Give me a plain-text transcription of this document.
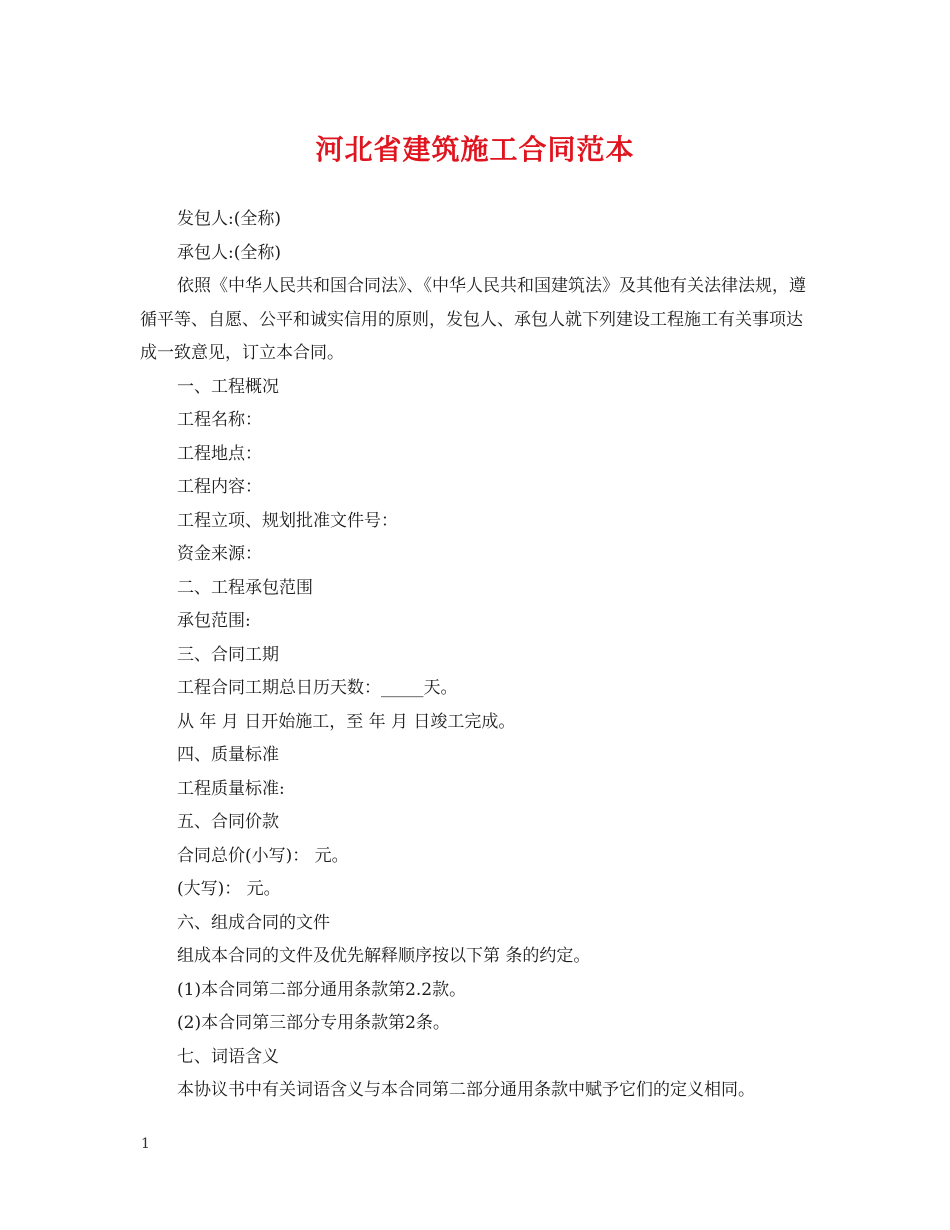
河北省建筑施工合同范本

发包人:(全称)

承包人:(全称)

依照《中华人民共和国合同法》、《中华人民共和国建筑法》及其他有关法律法规，遵循平等、自愿、公平和诚实信用的原则，发包人、承包人就下列建设工程施工有关事项达成一致意见，订立本合同。

一、工程概况

工程名称：

工程地点：

工程内容：

工程立项、规划批准文件号：

资金来源：

二、工程承包范围

承包范围:

三、合同工期

工程合同工期总日历天数：_____天。

从 年 月 日开始施工，至 年 月 日竣工完成。

四、质量标准

工程质量标准:

五、合同价款

合同总价(小写)： 元。

(大写)： 元。

六、组成合同的文件

组成本合同的文件及优先解释顺序按以下第 条的约定。

(1)本合同第二部分通用条款第2.2款。

(2)本合同第三部分专用条款第2条。

七、词语含义

本协议书中有关词语含义与本合同第二部分通用条款中赋予它们的定义相同。

1
